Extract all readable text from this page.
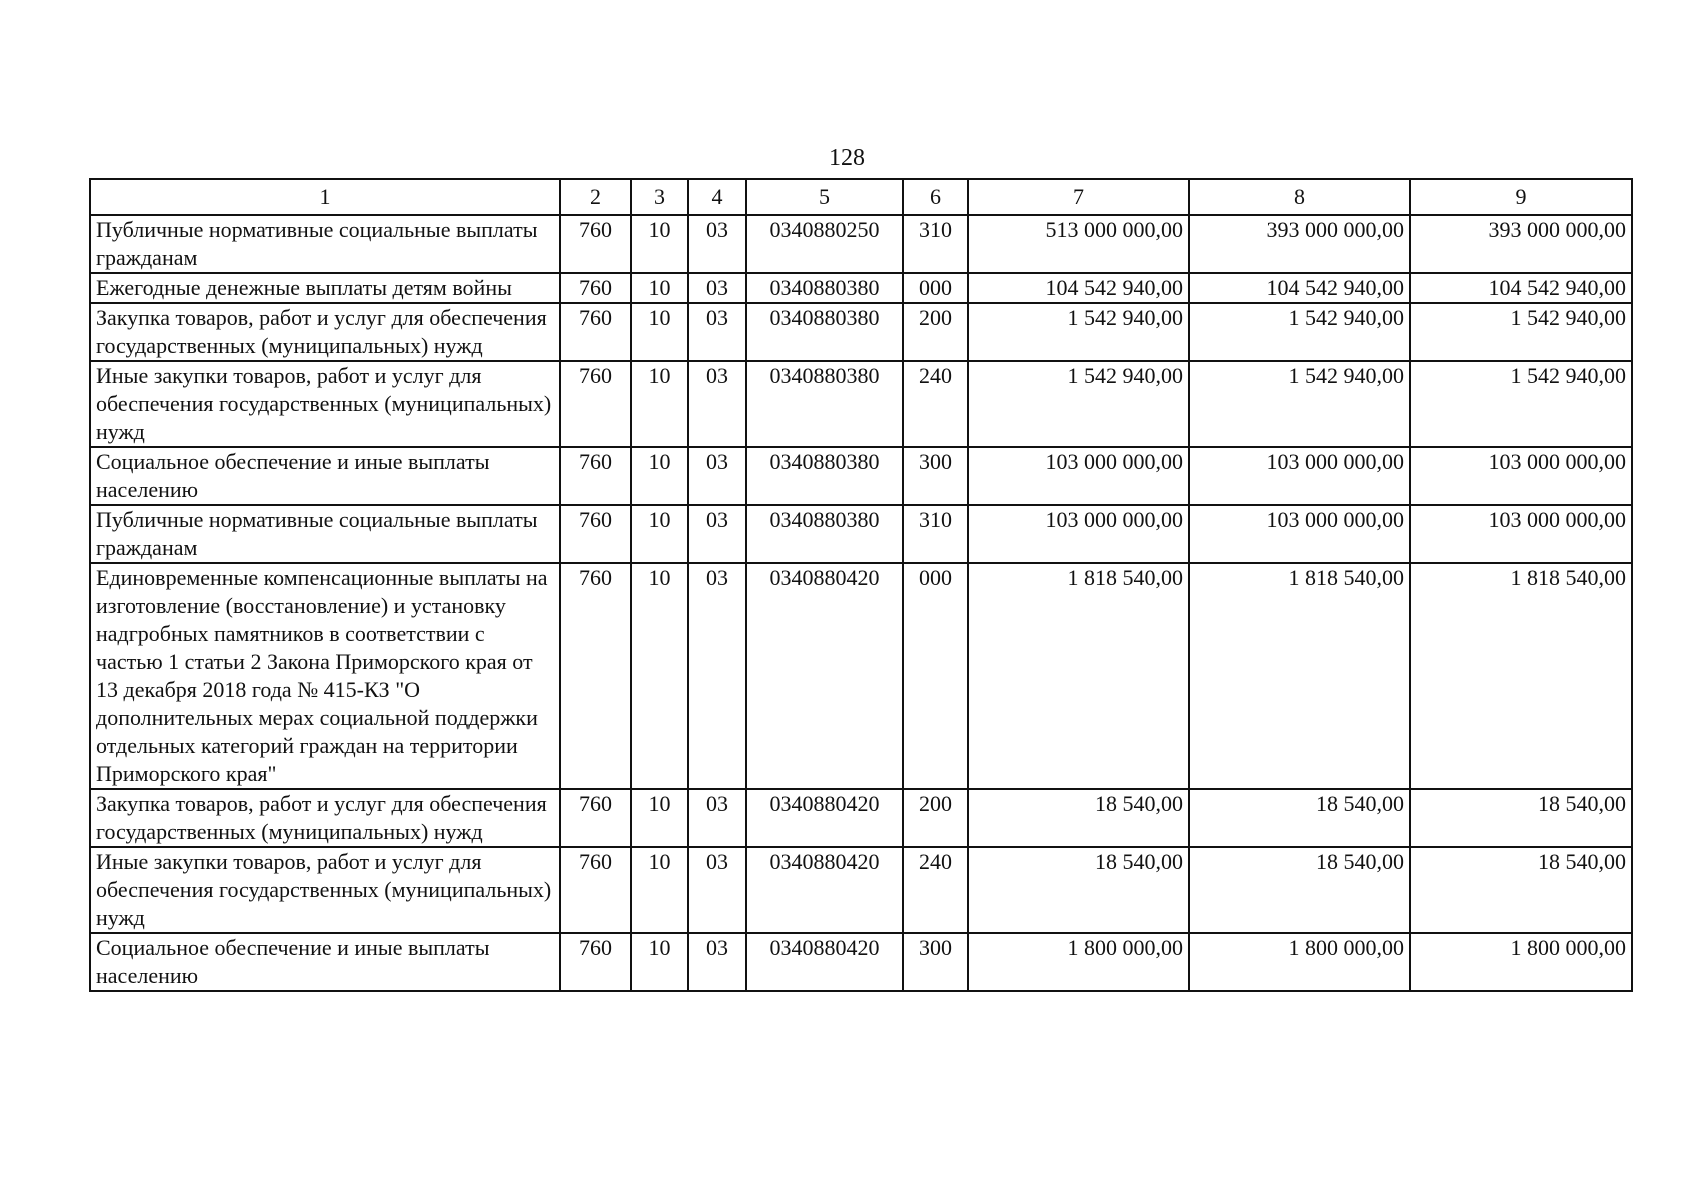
128
1	2	3	4	5	6	7	8	9
Публичные нормативные социальные выплаты гражданам	760	10	03	0340880250	310	513 000 000,00	393 000 000,00	393 000 000,00
Ежегодные денежные выплаты детям войны	760	10	03	0340880380	000	104 542 940,00	104 542 940,00	104 542 940,00
Закупка товаров, работ и услуг для обеспечения государственных (муниципальных) нужд	760	10	03	0340880380	200	1 542 940,00	1 542 940,00	1 542 940,00
Иные закупки товаров, работ и услуг для обеспечения государственных (муниципальных) нужд	760	10	03	0340880380	240	1 542 940,00	1 542 940,00	1 542 940,00
Социальное обеспечение и иные выплаты населению	760	10	03	0340880380	300	103 000 000,00	103 000 000,00	103 000 000,00
Публичные нормативные социальные выплаты гражданам	760	10	03	0340880380	310	103 000 000,00	103 000 000,00	103 000 000,00
Единовременные компенсационные выплаты на изготовление (восстановление) и установку надгробных памятников в соответствии с частью 1 статьи 2 Закона Приморского края от 13 декабря 2018 года № 415-КЗ "О дополнительных мерах социальной поддержки отдельных категорий граждан на территории Приморского края"	760	10	03	0340880420	000	1 818 540,00	1 818 540,00	1 818 540,00
Закупка товаров, работ и услуг для обеспечения государственных (муниципальных) нужд	760	10	03	0340880420	200	18 540,00	18 540,00	18 540,00
Иные закупки товаров, работ и услуг для обеспечения государственных (муниципальных) нужд	760	10	03	0340880420	240	18 540,00	18 540,00	18 540,00
Социальное обеспечение и иные выплаты населению	760	10	03	0340880420	300	1 800 000,00	1 800 000,00	1 800 000,00
